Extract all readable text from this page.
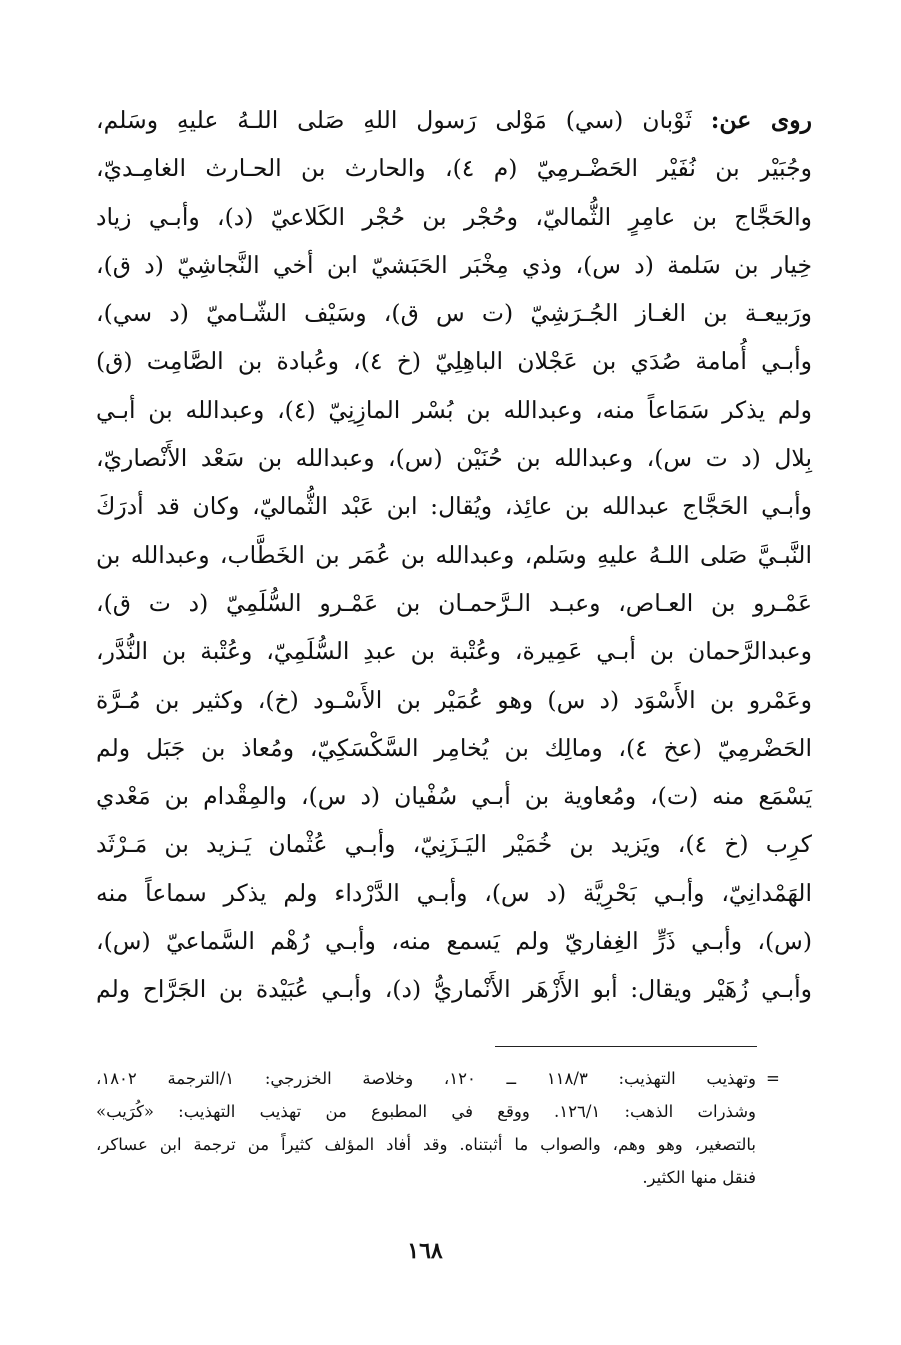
روى عن: ثَوْبان (سي) مَوْلى رَسول اللهِ صَلى اللـهُ عليهِ وسَلم،
وجُبَيْر بن نُفَيْر الحَضْـرمِيّ (م ٤)، والحارث بن الحـارث الغامِـديّ،
والحَجَّاج بن عامِرٍ الثُّماليّ، وحُجْر بن حُجْر الكَلاعيّ (د)، وأبـي زياد
خِيار بن سَلمة (د س)، وذي مِخْبَر الحَبَشيّ ابن أخي النَّجاشِيّ (د ق)،
ورَبيعـة بن الغـاز الجُـرَشِيّ (ت س ق)، وسَيْف الشّـاميّ (د سي)،
وأبـي أُمامة صُدَي بن عَجْلان الباهِلِيّ (خ ٤)، وعُبادة بن الصَّامِت (ق)
ولم يذكر سَمَاعاً منه، وعبدالله بن بُسْر المازِنِيّ (٤)، وعبدالله بن أبـي
بِلال (د ت س)، وعبدالله بن حُنَيْن (س)، وعبدالله بن سَعْد الأَنْصاريّ،
وأبـي الحَجَّاج عبدالله بن عائِذ، ويُقال: ابن عَبْد الثُّماليّ، وكان قد أدرَكَ
النَّبـيَّ صَلى اللـهُ عليهِ وسَلم، وعبدالله بن عُمَر بن الخَطَّاب، وعبدالله بن
عَمْـرو بن العـاص، وعبـد الـرَّحمـان بن عَمْـرو السُّلَمِيّ (د ت ق)،
وعبدالرَّحمان بن أبـي عَمِيرة، وعُتْبة بن عبدِ السُّلَمِيّ، وعُتْبة بن النُّدَّر،
وعَمْرو بن الأَسْوَد (د س) وهو عُمَيْر بن الأَسْـود (خ)، وكثير بن مُـرَّة
الحَضْرمِيّ (عخ ٤)، ومالِك بن يُخامِر السَّكْسَكِيّ، ومُعاذ بن جَبَل ولم
يَسْمَع منه (ت)، ومُعاوية بن أبـي سُفْيان (د س)، والمِقْدام بن مَعْدي
كرِب (خ ٤)، ويَزيد بن خُمَيْر اليَـزَنِيّ، وأبـي عُثْمان يَـزيد بن مَـرْثَد
الهَمْدانِيّ، وأبـي بَحْرِيَّة (د س)، وأبـي الدَّرْداء ولم يذكر سماعاً منه
(س)، وأبـي ذَرٍّ الغِفاريّ ولم يَسمع منه، وأبـي رُهْم السَّماعيّ (س)،
وأبـي زُهَيْر ويقال: أبو الأَزْهَر الأَنْماريُّ (د)، وأبـي عُبَيْدة بن الجَرَّاح ولم
=
وتهذيب التهذيب: ١١٨/٣ ــ ١٢٠، وخلاصة الخزرجي: ١/الترجمة ١٨٠٢،
وشذرات الذهب: ١٢٦/١. ووقع في المطبوع من تهذيب التهذيب: «كُرَيب»
بالتصغير، وهو وهم، والصواب ما أثبتناه. وقد أفاد المؤلف كثيراً من ترجمة ابن عساكر،
فنقل منها الكثير.
١٦٨
